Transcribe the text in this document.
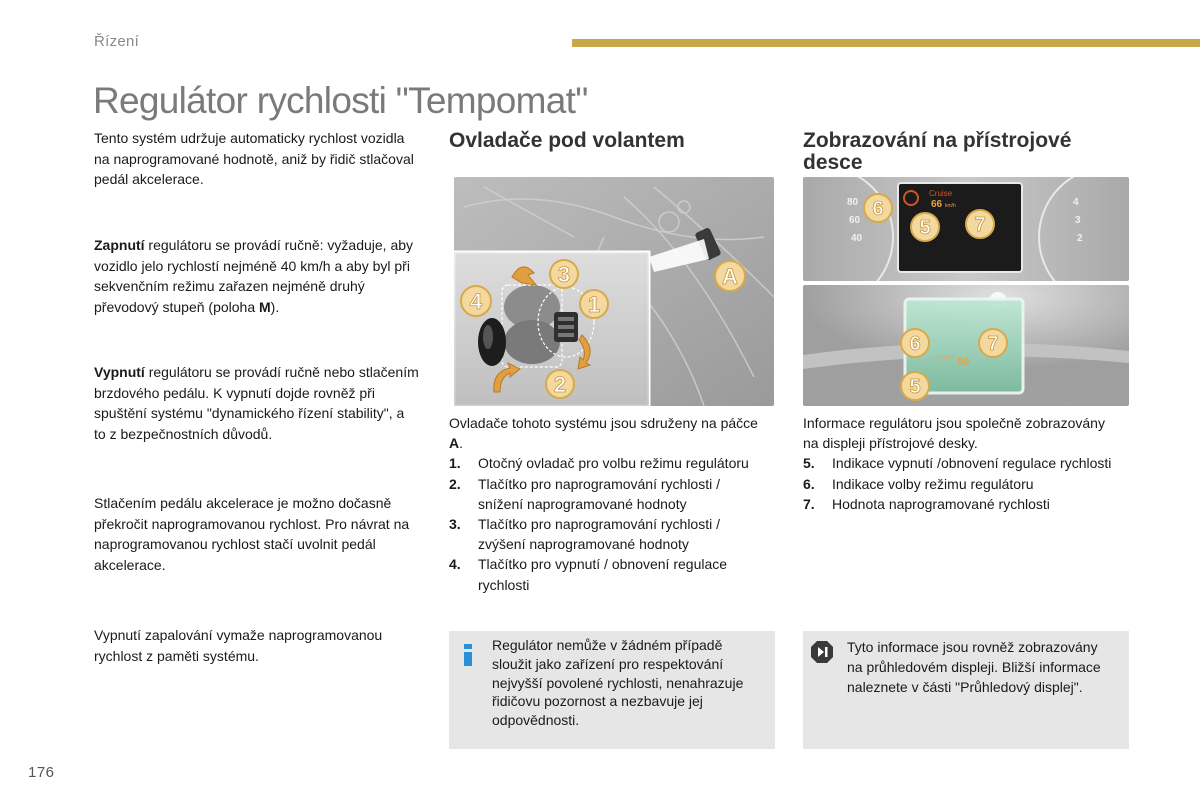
Řízení
Regulátor rychlosti "Tempomat"

Tento systém udržuje automaticky rychlost vozidla na naprogramované hodnotě, aniž by řidič stlačoval pedál akcelerace.

Zapnutí regulátoru se provádí ručně: vyžaduje, aby vozidlo jelo rychlostí nejméně 40 km/h a aby byl při sekvenčním režimu zařazen nejméně druhý převodový stupeň (poloha M).

Vypnutí regulátoru se provádí ručně nebo stlačením brzdového pedálu. K vypnutí dojde rovněž při spuštění systému "dynamického řízení stability", a to z bezpečnostních důvodů.

Stlačením pedálu akcelerace je možno dočasně překročit naprogramovanou rychlost. Pro návrat na naprogramovanou rychlost stačí uvolnit pedál akcelerace.

Vypnutí zapalování vymaže naprogramovanou rychlost z paměti systému.

Ovladače pod volantem
3
1
4
2
A

Ovladače tohoto systému jsou sdruženy na páčce A.

1. Otočný ovladač pro volbu režimu regulátoru
2. Tlačítko pro naprogramování rychlosti / snížení naprogramované hodnoty
3. Tlačítko pro naprogramování rychlosti / zvýšení naprogramované hodnoty
4. Tlačítko pro vypnutí / obnovení regulace rychlosti
Regulátor nemůže v žádném případě sloužit jako zařízení pro respektování nejvyšší povolené rychlosti, nenahrazuje řidičovu pozornost a nezbavuje jej odpovědnosti.
Zobrazování na přístrojové
desce
80
60
40
4
3
2
Cruise
66 km/h
6
5 7
CRUISE 90
6	7
5

Informace regulátoru jsou společně zobrazovány na displeji přístrojové desky.

5. Indikace vypnutí /obnovení regulace rychlosti
6. Indikace volby režimu regulátoru
7. Hodnota naprogramované rychlosti
Tyto informace jsou rovněž zobrazovány na průhledovém displeji. Bližší informace naleznete v části "Průhledový displej".
176
